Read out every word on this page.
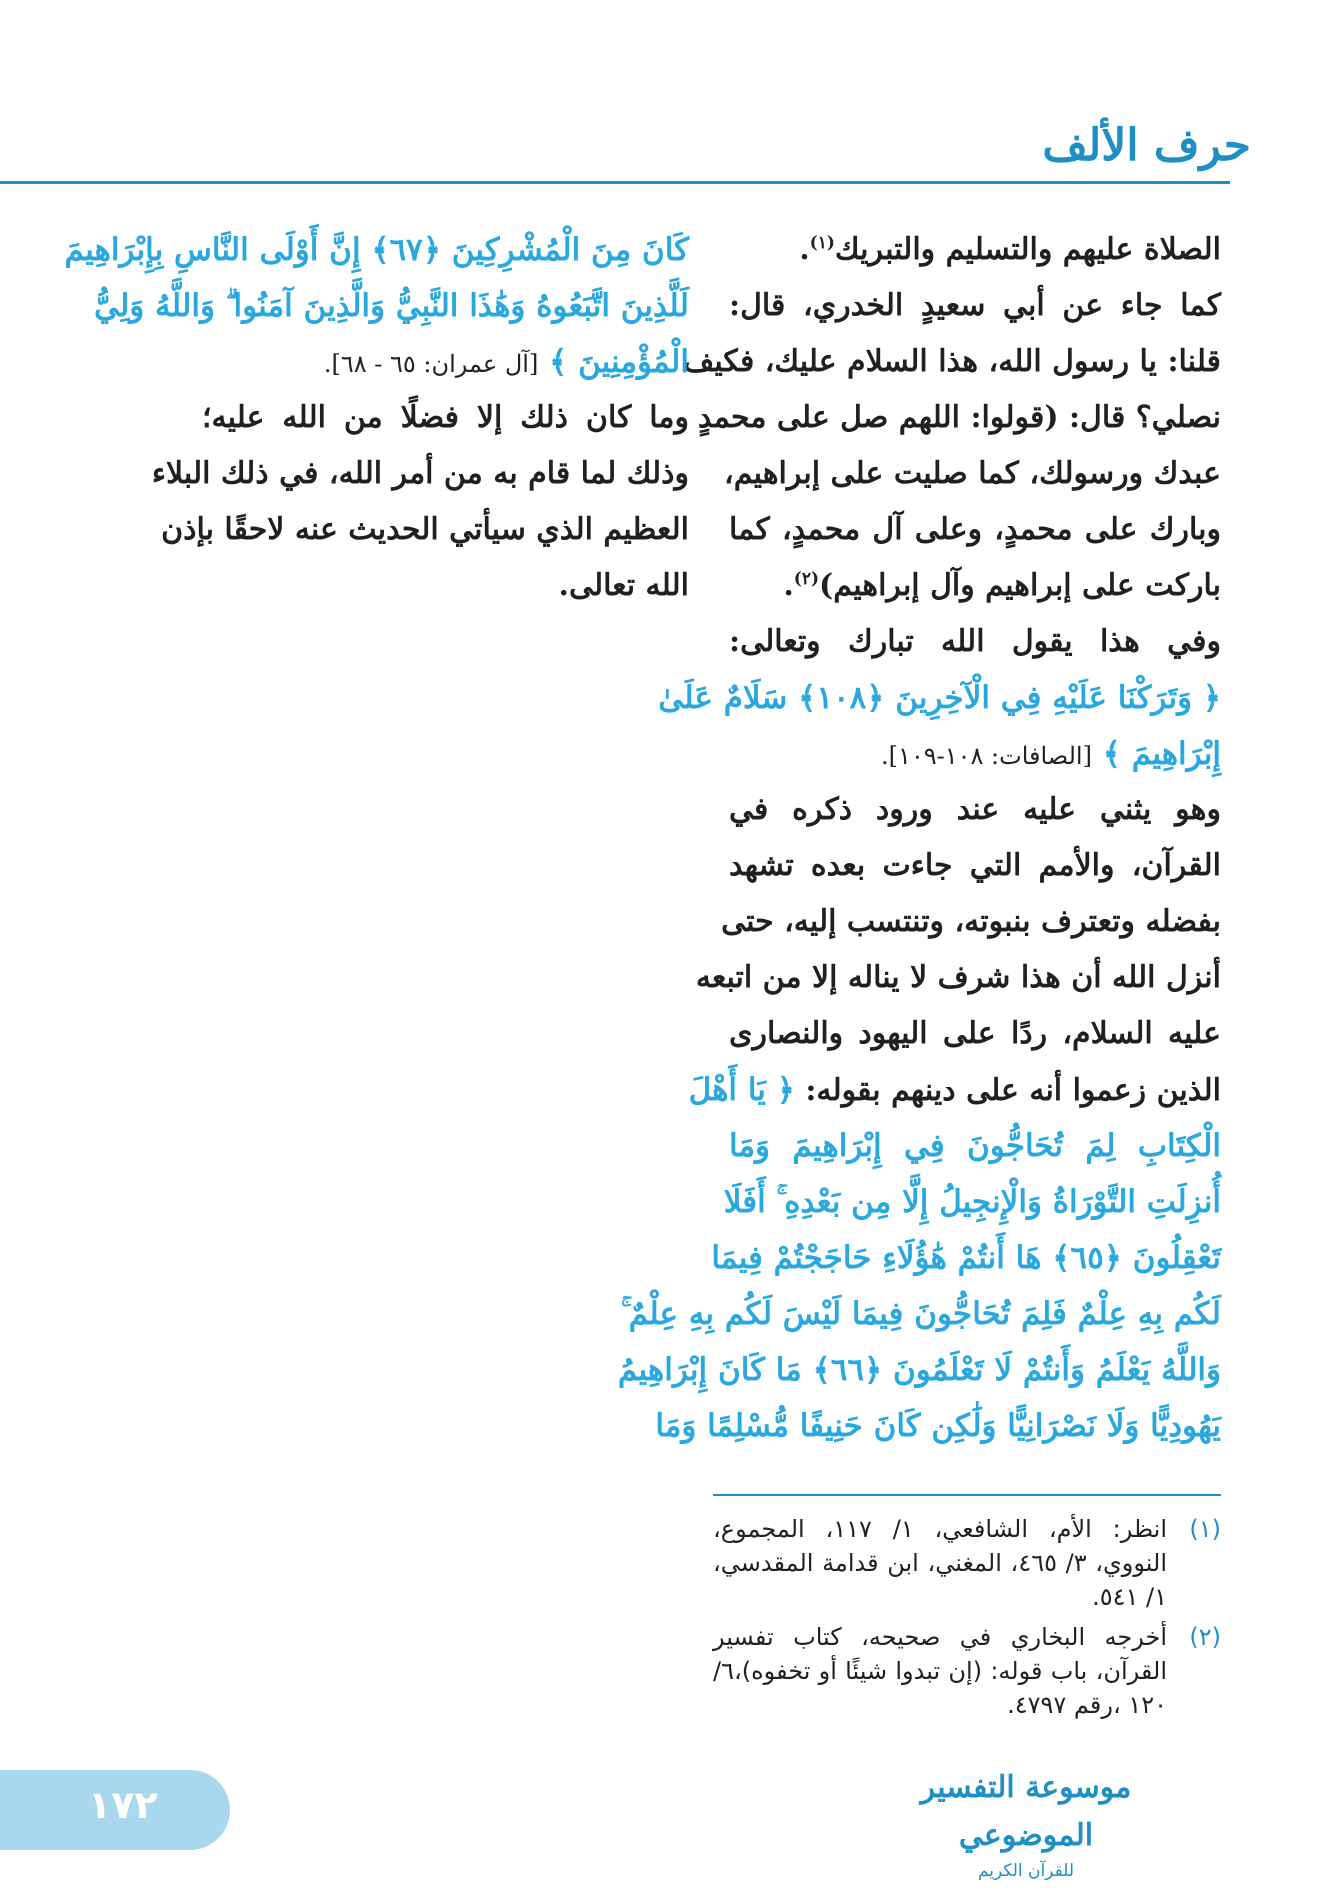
حرف الألف
الصلاة عليهم والتسليم والتبريك$^{(١)}$.
كما جاء عن أبي سعيدٍ الخدري، قال:
قلنا: يا رسول الله، هذا السلام عليك، فكيف
نصلي؟ قال: (قولوا: اللهم صل على محمدٍ
عبدك ورسولك، كما صليت على إبراهيم،
وبارك على محمدٍ، وعلى آل محمدٍ، كما
باركت على إبراهيم وآل إبراهيم)$^{(٢)}$.
وفي هذا يقول الله تبارك وتعالى:
﴿ وَتَرَكْنَا عَلَيْهِ فِي الْآخِرِينَ ﴿١٠٨﴾ سَلَامٌ عَلَىٰ
إِبْرَاهِيمَ ﴾ [الصافات: ١٠٨-١٠٩].
وهو يثني عليه عند ورود ذكره في
القرآن، والأمم التي جاءت بعده تشهد
بفضله وتعترف بنبوته، وتنتسب إليه، حتى
أنزل الله أن هذا شرف لا يناله إلا من اتبعه
عليه السلام، ردًا على اليهود والنصارى
الذين زعموا أنه على دينهم بقوله: ﴿ يَا أَهْلَ
الْكِتَابِ لِمَ تُحَاجُّونَ فِي إِبْرَاهِيمَ وَمَا
أُنزِلَتِ التَّوْرَاةُ وَالْإِنجِيلُ إِلَّا مِن بَعْدِهِ ۚ أَفَلَا
تَعْقِلُونَ ﴿٦٥﴾ هَا أَنتُمْ هَٰؤُلَاءِ حَاجَجْتُمْ فِيمَا
لَكُم بِهِ عِلْمٌ فَلِمَ تُحَاجُّونَ فِيمَا لَيْسَ لَكُم بِهِ عِلْمٌ ۚ
وَاللَّهُ يَعْلَمُ وَأَنتُمْ لَا تَعْلَمُونَ ﴿٦٦﴾ مَا كَانَ إِبْرَاهِيمُ
يَهُودِيًّا وَلَا نَصْرَانِيًّا وَلَٰكِن كَانَ حَنِيفًا مُّسْلِمًا وَمَا
كَانَ مِنَ الْمُشْرِكِينَ ﴿٦٧﴾ إِنَّ أَوْلَى النَّاسِ بِإِبْرَاهِيمَ
لَلَّذِينَ اتَّبَعُوهُ وَهَٰذَا النَّبِيُّ وَالَّذِينَ آمَنُوا ۗ وَاللَّهُ وَلِيُّ
الْمُؤْمِنِينَ ﴾ [آل عمران: ٦٥ - ٦٨].
وما كان ذلك إلا فضلًا من الله عليه؛
وذلك لما قام به من أمر الله، في ذلك البلاء
العظيم الذي سيأتي الحديث عنه لاحقًا بإذن
الله تعالى.
(١)
انظر: الأم، الشافعي، ١/ ١١٧، المجموع، النووي، ٣/ ٤٦٥، المغني، ابن قدامة المقدسي، ١/ ٥٤١.
(٢)
أخرجه البخاري في صحيحه، كتاب تفسير القرآن، باب قوله: (إن تبدوا شيئًا أو تخفوه)،٦/ ١٢٠ ،رقم ٤٧٩٧.
١٧٢	موسوعة التفسير الموضوعي
للقرآن الكريم
